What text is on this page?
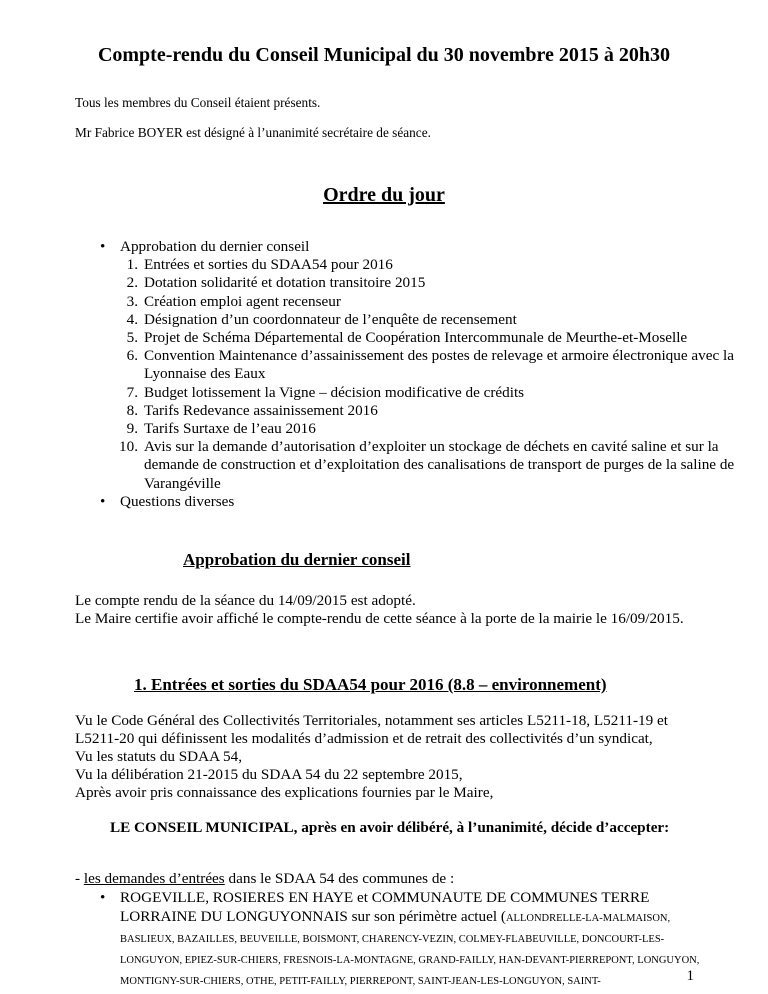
Compte-rendu du Conseil Municipal du 30 novembre 2015 à 20h30
Tous les membres du Conseil étaient présents.
Mr Fabrice BOYER est désigné à l’unanimité secrétaire de séance.
Ordre du jour
• Approbation du dernier conseil
1. Entrées et sorties du SDAA54 pour 2016
2. Dotation solidarité et dotation transitoire 2015
3. Création emploi agent recenseur
4. Désignation d’un coordonnateur de l’enquête de recensement
5. Projet de Schéma Départemental de Coopération Intercommunale de Meurthe-et-Moselle
6. Convention Maintenance d’assainissement des postes de relevage et armoire électronique avec la Lyonnaise des Eaux
7. Budget lotissement la Vigne – décision modificative de crédits
8. Tarifs Redevance assainissement 2016
9. Tarifs Surtaxe de l’eau 2016
10. Avis sur la demande d’autorisation d’exploiter un stockage de déchets en cavité saline et sur la demande de construction et d’exploitation des canalisations de transport de purges de la saline de Varangéville
• Questions diverses
Approbation du dernier conseil
Le compte rendu de la séance du 14/09/2015 est adopté.
Le Maire certifie avoir affiché le compte-rendu de cette séance à la porte de la mairie le 16/09/2015.
1. Entrées et sorties du SDAA54 pour 2016 (8.8 – environnement)
Vu le Code Général des Collectivités Territoriales, notamment ses articles L5211-18, L5211-19 et
L5211-20 qui définissent les modalités d’admission et de retrait des collectivités d’un syndicat,
Vu les statuts du SDAA 54,
Vu la délibération 21-2015 du SDAA 54 du 22 septembre 2015,
Après avoir pris connaissance des explications fournies par le Maire,
LE CONSEIL MUNICIPAL, après en avoir délibéré, à l’unanimité, décide d’accepter:
- les demandes d’entrées dans le SDAA 54 des communes de :
• ROGEVILLE, ROSIERES EN HAYE et COMMUNAUTE DE COMMUNES TERRE
LORRAINE DU LONGUYONNAIS sur son périmètre actuel (ALLONDRELLE-LA-MALMAISON, BASLIEUX, BAZAILLES, BEUVEILLE, BOISMONT, CHARENCY-VEZIN, COLMEY-FLABEUVILLE, DONCOURT-LES-LONGUYON, EPIEZ-SUR-CHIERS, FRESNOIS-LA-MONTAGNE, GRAND-FAILLY, HAN-DEVANT-PIERREPONT, LONGUYON, MONTIGNY-SUR-CHIERS, OTHE, PETIT-FAILLY, PIERREPONT, SAINT-JEAN-LES-LONGUYON, SAINT-	1
